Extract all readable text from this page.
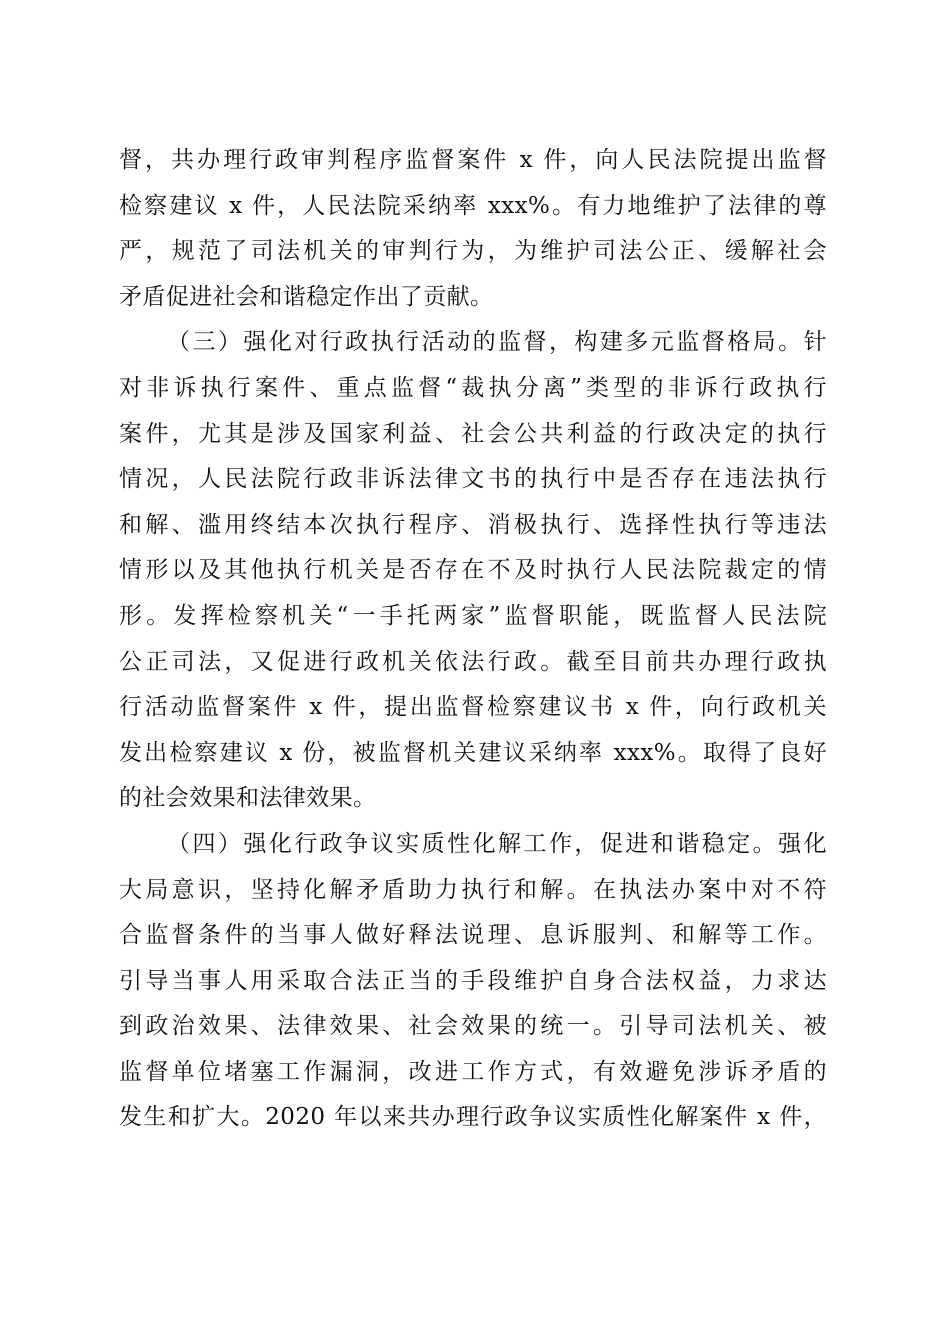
督，共办理行政审判程序监督案件 x 件，向人民法院提出监督
检察建议 x 件，人民法院采纳率 xxx%。有力地维护了法律的尊
严，规范了司法机关的审判行为，为维护司法公正、缓解社会
矛盾促进社会和谐稳定作出了贡献。
（三）强化对行政执行活动的监督，构建多元监督格局。针
对非诉执行案件、重点监督“裁执分离”类型的非诉行政执行
案件，尤其是涉及国家利益、社会公共利益的行政决定的执行
情况，人民法院行政非诉法律文书的执行中是否存在违法执行
和解、滥用终结本次执行程序、消极执行、选择性执行等违法
情形以及其他执行机关是否存在不及时执行人民法院裁定的情
形。发挥检察机关“一手托两家”监督职能，既监督人民法院
公正司法，又促进行政机关依法行政。截至目前共办理行政执
行活动监督案件 x 件，提出监督检察建议书 x 件，向行政机关
发出检察建议 x 份，被监督机关建议采纳率 xxx%。取得了良好
的社会效果和法律效果。
（四）强化行政争议实质性化解工作，促进和谐稳定。强化
大局意识，坚持化解矛盾助力执行和解。在执法办案中对不符
合监督条件的当事人做好释法说理、息诉服判、和解等工作。
引导当事人用采取合法正当的手段维护自身合法权益，力求达
到政治效果、法律效果、社会效果的统一。引导司法机关、被
监督单位堵塞工作漏洞，改进工作方式，有效避免涉诉矛盾的
发生和扩大。2020 年以来共办理行政争议实质性化解案件 x 件，
